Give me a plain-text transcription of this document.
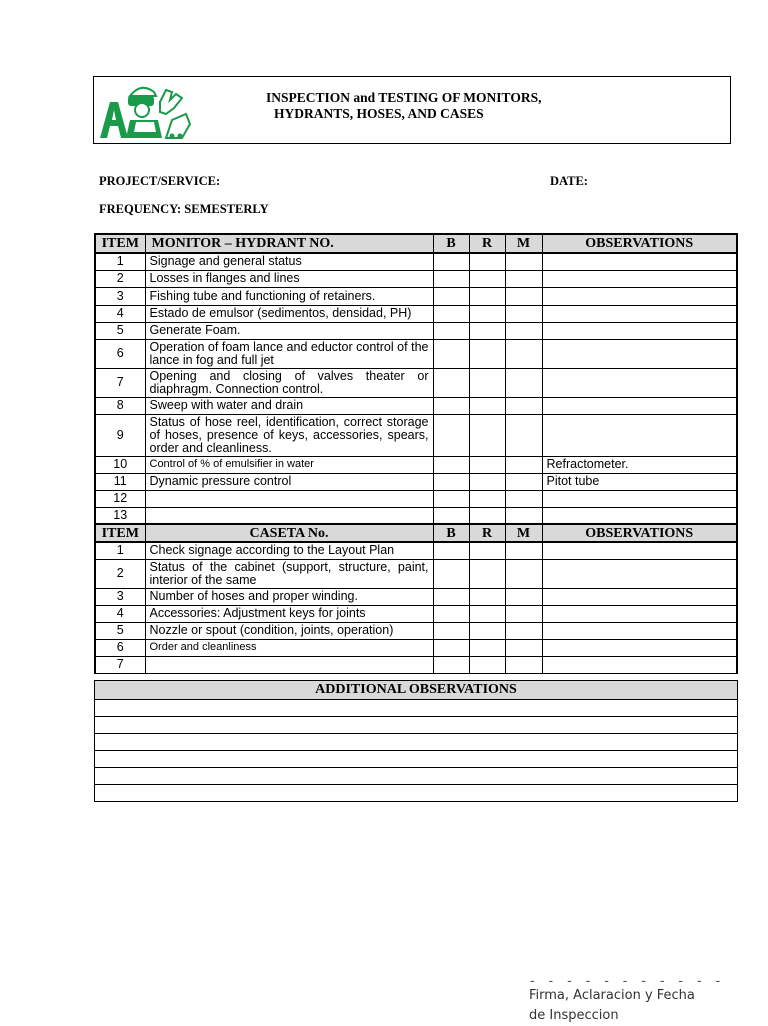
INSPECTION and TESTING OF MONITORS,
HYDRANTS, HOSES, AND CASES
PROJECT/SERVICE:	DATE:
FREQUENCY: SEMESTERLY
ITEM	MONITOR – HYDRANT NO.	B	R	M	OBSERVATIONS
1	Signage and general status				
2	Losses in flanges and lines				
3	Fishing tube and functioning of retainers.				
4	Estado de emulsor (sedimentos, densidad, PH)				
5	Generate Foam.				
6	Operation of foam lance and eductor control of the lance in fog and full jet				
7	Opening and closing of valves theater or diaphragm. Connection control.				
8	Sweep with water and drain				
9	Status of hose reel, identification, correct storage of hoses, presence of keys, accessories, spears, order and cleanliness.				
10	Control of % of emulsifier in water				Refractometer.
11	Dynamic pressure control				Pitot tube
12					
13					
ITEM	CASETA No.	B	R	M	OBSERVATIONS
1	Check signage according to the Layout Plan				
2	Status of the cabinet (support, structure, paint, interior of the same				
3	Number of hoses and proper winding.				
4	Accessories: Adjustment keys for joints				
5	Nozzle or spout (condition, joints, operation)				
6	Order and cleanliness				
7					
ADDITIONAL OBSERVATIONS

- - - - - - - - - - -
Firma, Aclaracion y Fecha
de Inspeccion
